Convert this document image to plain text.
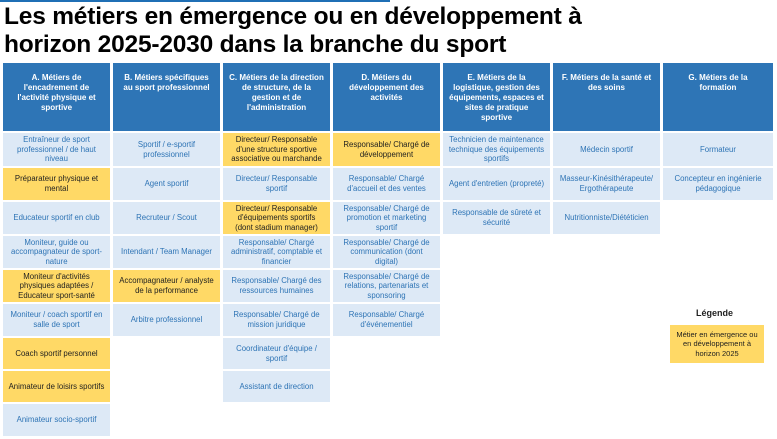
Les métiers en émergence ou en développement à
horizon 2025-2030 dans la branche du sport
A. Métiers de l'encadrement de l'activité physique et sportive
B. Métiers spécifiques au sport professionnel
C. Métiers de la direction de structure, de la gestion et de l'administration
D. Métiers du développement des activités
E. Métiers de la logistique, gestion des équipements, espaces et sites de pratique sportive
F. Métiers de la santé et des soins
G. Métiers de la formation
Entraîneur de sport professionnel / de haut niveau
Préparateur physique et mental
Educateur sportif en club
Moniteur, guide ou accompagnateur de sport-nature
Moniteur d'activités physiques adaptées / Educateur sport-santé
Moniteur / coach sportif en salle de sport
Coach sportif personnel
Animateur de loisirs sportifs
Animateur socio-sportif
Sportif / e-sportif professionnel
Agent sportif
Recruteur / Scout
Intendant / Team Manager
Accompagnateur / analyste de la performance
Arbitre professionnel
Directeur/ Responsable d'une structure sportive associative ou marchande
Directeur/ Responsable sportif
Directeur/ Responsable d'équipements sportifs (dont stadium manager)
Responsable/ Chargé administratif, comptable et financier
Responsable/ Chargé des ressources humaines
Responsable/ Chargé de mission juridique
Coordinateur d'équipe / sportif
Assistant de direction
Responsable/ Chargé de développement
Responsable/ Chargé d'accueil et des ventes
Responsable/ Chargé de promotion et marketing sportif
Responsable/ Chargé de communication (dont digital)
Responsable/ Chargé de relations, partenariats et sponsoring
Responsable/ Chargé d'événementiel
Technicien de maintenance technique des équipements sportifs
Agent d'entretien (propreté)
Responsable de sûreté et sécurité
Médecin sportif
Masseur-Kinésithérapeute/ Ergothérapeute
Nutritionniste/Diététicien
Formateur
Concepteur en ingénierie pédagogique
Légende
Métier en émergence ou en développement à horizon 2025
